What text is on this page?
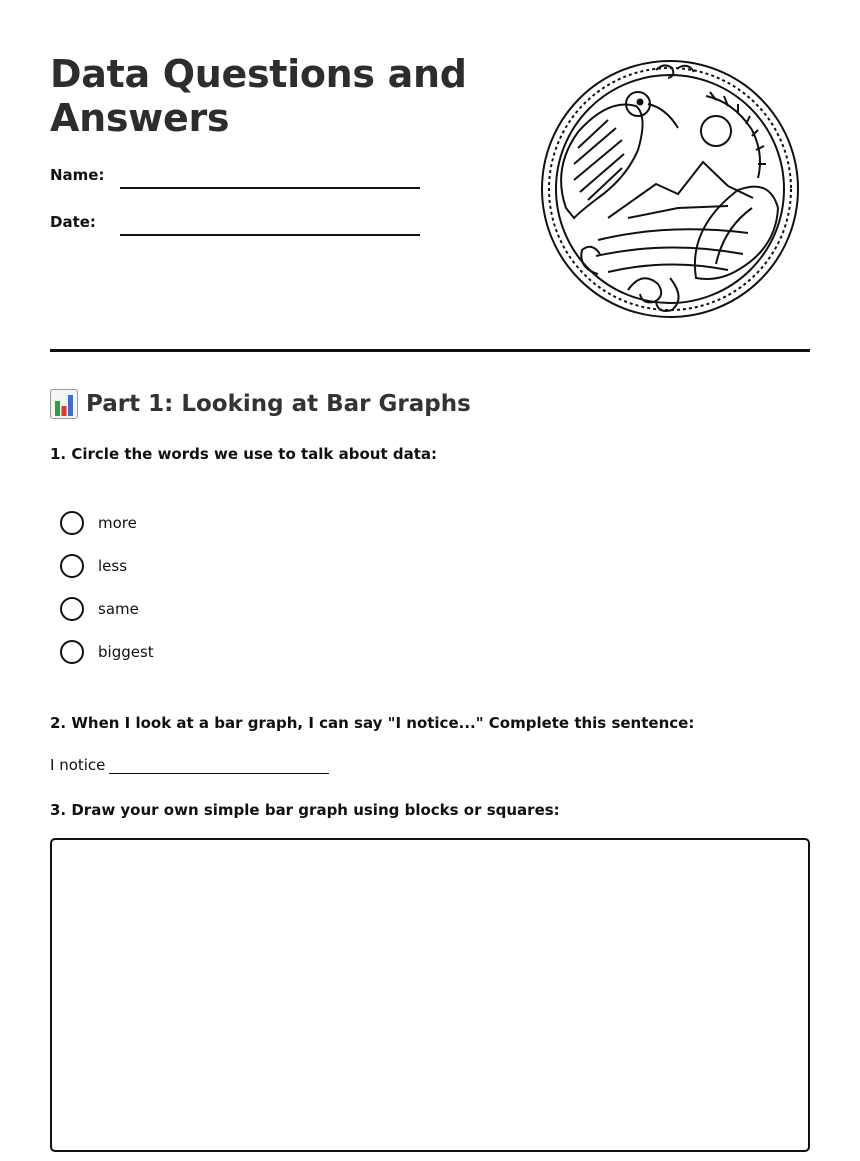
Data Questions and Answers
Name:
Date:
Part 1: Looking at Bar Graphs
1. Circle the words we use to talk about data:
more
less
same
biggest
2. When I look at a bar graph, I can say "I notice..." Complete this sentence:
I notice
3. Draw your own simple bar graph using blocks or squares:
